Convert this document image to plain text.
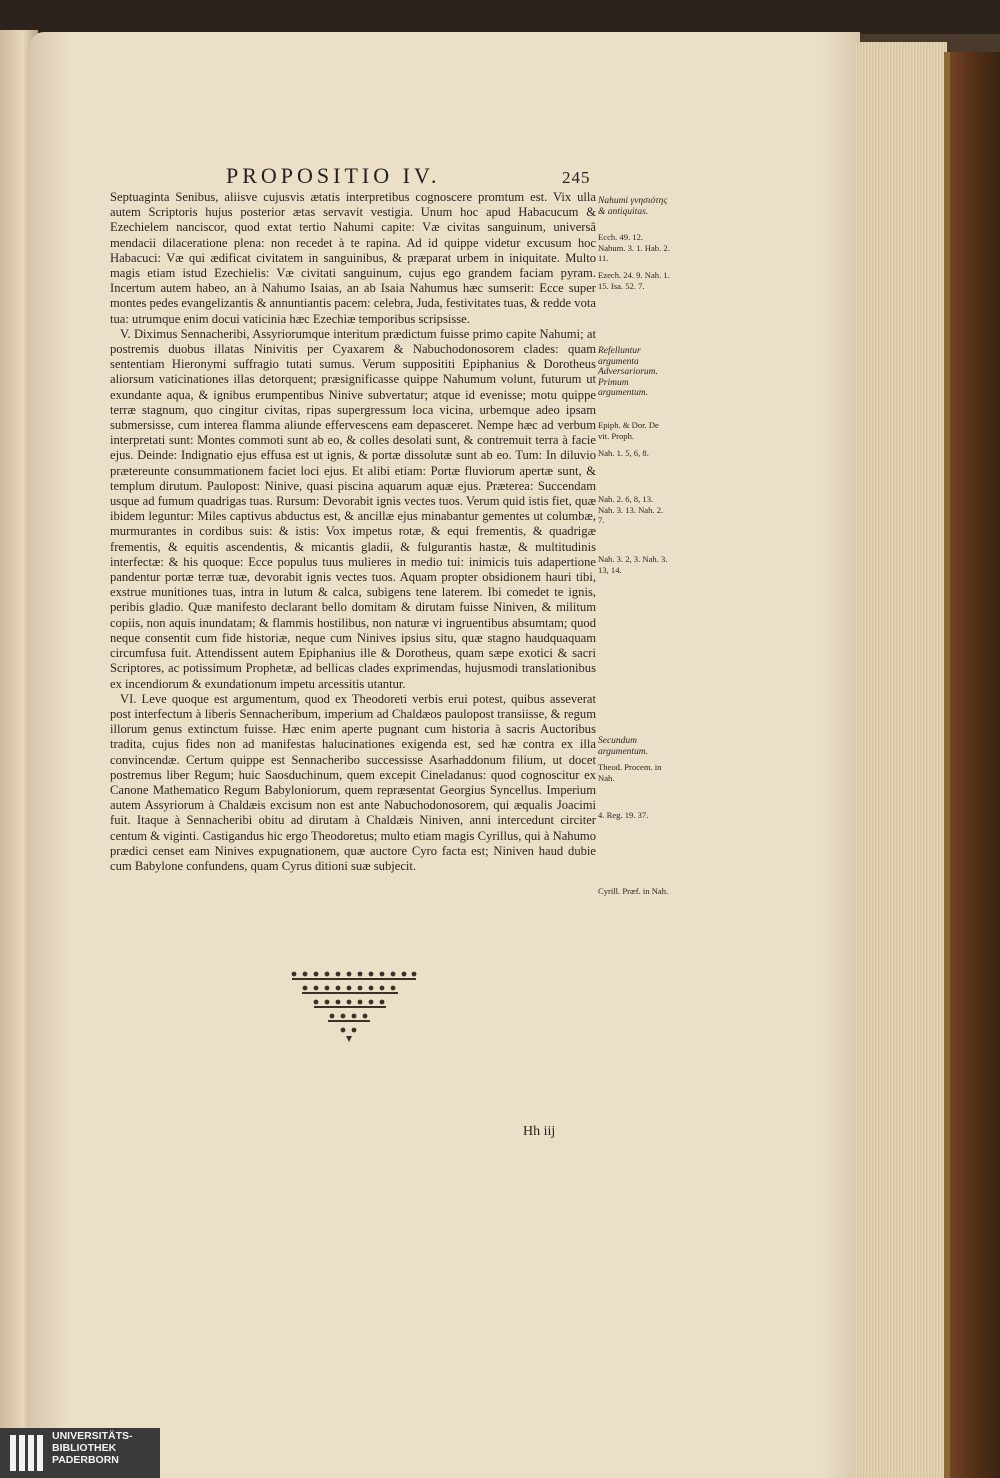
PROPOSITIO IV.	245

Septuaginta Senibus, aliisve cujusvis ætatis interpretibus cognoscere promtum est. Vix ulla autem Scriptoris hujus posterior ætas servavit vestigia. Unum hoc apud Habacucum & Ezechielem nanciscor, quod extat tertio Nahumi capite: Væ civitas sanguinum, universâ mendacii dilaceratione plena: non recedet à te rapina. Ad id quippe videtur excusum hoc Habacuci: Væ qui ædificat civitatem in sanguinibus, & præparat urbem in iniquitate. Multo magis etiam istud Ezechielis: Væ civitati sanguinum, cujus ego grandem faciam pyram. Incertum autem habeo, an à Nahumo Isaias, an ab Isaia Nahumus hæc sumserit: Ecce super montes pedes evangelizantis & annuntiantis pacem: celebra, Juda, festivitates tuas, & redde vota tua: utrumque enim docui vaticinia hæc Ezechiæ temporibus scripsisse.

V. Diximus Sennacheribi, Assyriorumque interitum prædictum fuisse primo capite Nahumi; at postremis duobus illatas Ninivitis per Cyaxarem & Nabuchodonosorem clades: quam sententiam Hieronymi suffragio tutati sumus. Verum supposititi Epiphanius & Dorotheus aliorsum vaticinationes illas detorquent; præsignificasse quippe Nahumum volunt, futurum ut exundante aqua, & ignibus erumpentibus Ninive subvertatur; atque id evenisse; motu quippe terræ stagnum, quo cingitur civitas, ripas supergressum loca vicina, urbemque adeo ipsam submersisse, cum interea flamma aliunde effervescens eam depasceret. Nempe hæc ad verbum interpretati sunt: Montes commoti sunt ab eo, & colles desolati sunt, & contremuit terra à facie ejus. Deinde: Indignatio ejus effusa est ut ignis, & portæ dissolutæ sunt ab eo. Tum: In diluvio prætereunte consummationem faciet loci ejus. Et alibi etiam: Portæ fluviorum apertæ sunt, & templum dirutum. Paulopost: Ninive, quasi piscina aquarum aquæ ejus. Præterea: Succendam usque ad fumum quadrigas tuas. Rursum: Devorabit ignis vectes tuos. Verum quid istis fiet, quæ ibidem leguntur: Miles captivus abductus est, & ancillæ ejus minabantur gementes ut columbæ, murmurantes in cordibus suis: & istis: Vox impetus rotæ, & equi frementis, & quadrigæ frementis, & equitis ascendentis, & micantis gladii, & fulgurantis hastæ, & multitudinis interfectæ: & his quoque: Ecce populus tuus mulieres in medio tui: inimicis tuis adapertione pandentur portæ terræ tuæ, devorabit ignis vectes tuos. Aquam propter obsidionem hauri tibi, exstrue munitiones tuas, intra in lutum & calca, subigens tene laterem. Ibi comedet te ignis, peribis gladio. Quæ manifesto declarant bello domitam & dirutam fuisse Niniven, & militum copiis, non aquis inundatam; & flammis hostilibus, non naturæ vi ingruentibus absumtam; quod neque consentit cum fide historiæ, neque cum Ninives ipsius situ, quæ stagno haudquaquam circumfusa fuit. Attendissent autem Epiphanius ille & Dorotheus, quam sæpe exotici & sacri Scriptores, ac potissimum Prophetæ, ad bellicas clades exprimendas, hujusmodi translationibus ex incendiorum & exundationum impetu arcessitis utantur.

VI. Leve quoque est argumentum, quod ex Theodoreti verbis erui potest, quibus asseverat post interfectum à liberis Sennacheribum, imperium ad Chaldæos paulopost transiisse, & regum illorum genus extinctum fuisse. Hæc enim aperte pugnant cum historia à sacris Auctoribus tradita, cujus fides non ad manifestas halucinationes exigenda est, sed hæ contra ex illa convincendæ. Certum quippe est Sennacheribo successisse Asarhaddonum filium, ut docet postremus liber Regum; huic Saosduchinum, quem excepit Cineladanus: quod cognoscitur ex Canone Mathematico Regum Babyloniorum, quem repræsentat Georgius Syncellus. Imperium autem Assyriorum à Chaldæis excisum non est ante Nabuchodonosorem, qui æqualis Joacimi fuit. Itaque à Sennacheribi obitu ad dirutam à Chaldæis Niniven, anni intercedunt circiter centum & viginti. Castigandus hic ergo Theodoretus; multo etiam magis Cyrillus, qui à Nahumo prædici censet eam Ninives expugnationem, quæ auctore Cyro facta est; Niniven haud dubie cum Babylone confundens, quam Cyrus ditioni suæ subjecit.

Nahumi γνησιότης & antiquitas.
Ecch. 49. 12. Nahum. 3. 1. Hab. 2. 11.
Ezech. 24. 9. Nah. 1. 15. Isa. 52. 7.
Refelluntur argumenta Adversariorum. Primum argumentum.
Epiph. & Dor. De vit. Proph.
Nah. 1. 5, 6, 8.
Nah. 2. 6, 8, 13. Nah. 3. 13. Nah. 2. 7.
Nah. 3. 2, 3. Nah. 3. 13, 14.
Secundum argumentum.
Theod. Procem. in Nah.
4. Reg. 19. 37.
Cyrill. Præf. in Nah.
Hh iij
UNIVERSITÄTS-
BIBLIOTHEK
PADERBORN
